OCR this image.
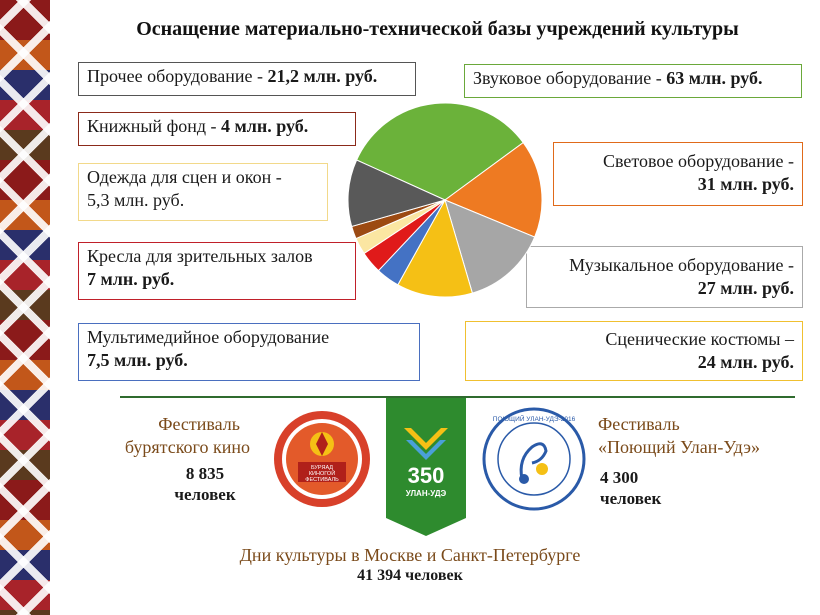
Оснащение материально-технической базы учреждений культуры
Прочее оборудование - 21,2 млн. руб.
Книжный фонд - 4 млн. руб.
Одежда для сцен и окон -
5,3 млн. руб.
Кресла для зрительных залов
7 млн. руб.
Мультимедийное оборудование
7,5 млн. руб.
Звуковое оборудование - 63 млн. руб.
Световое оборудование -
31 млн. руб.
Музыкальное оборудование -
27 млн. руб.
Сценические костюмы –
24 млн. руб.
Фестиваль
бурятского кино
8 835
человек
БУРЯАД
КИНОГОЙ
ФЕСТИВАЛЬ	350
УЛАН-УДЭ
ПОЮЩИЙ УЛАН-УДЭ-2016 Фестиваль
«Поющий Улан-Удэ»
4 300
человек
Дни культуры в Москве и Санкт-Петербурге
41 394 человек
